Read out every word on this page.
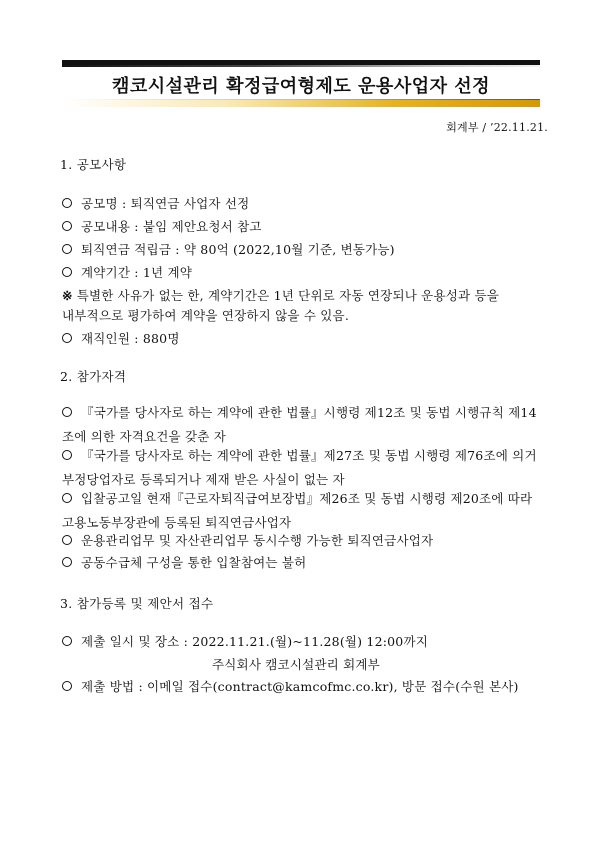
캠코시설관리 확정급여형제도 운용사업자 선정
회계부 / ’22.11.21.
1. 공모사항
공모명 : 퇴직연금 사업자 선정
공모내용 : 붙임 제안요청서 참고
퇴직연금 적립금 : 약 80억 (2022,10월 기준, 변동가능)
계약기간 : 1년 계약
※ 특별한 사유가 없는 한, 계약기간은 1년 단위로 자동 연장되나 운용성과 등을
내부적으로 평가하여 계약을 연장하지 않을 수 있음.
재직인원 : 880명
2. 참가자격
『국가를 당사자로 하는 계약에 관한 법률』시행령 제12조 및 동법 시행규칙 제14조에 의한 자격요건을 갖춘 자
『국가를 당사자로 하는 계약에 관한 법률』제27조 및 동법 시행령 제76조에 의거 부정당업자로 등록되거나 제재 받은 사실이 없는 자
입찰공고일 현재『근로자퇴직급여보장법』제26조 및 동법 시행령 제20조에 따라 고용노동부장관에 등록된 퇴직연금사업자
운용관리업무 및 자산관리업무 동시수행 가능한 퇴직연금사업자
공동수급체 구성을 통한 입찰참여는 불허
3. 참가등록 및 제안서 접수
제출 일시 및 장소 : 2022.11.21.(월)~11.28(월) 12:00까지
주식회사 캠코시설관리 회계부
제출 방법 : 이메일 접수(contract@kamcofmc.co.kr), 방문 접수(수원 본사)
